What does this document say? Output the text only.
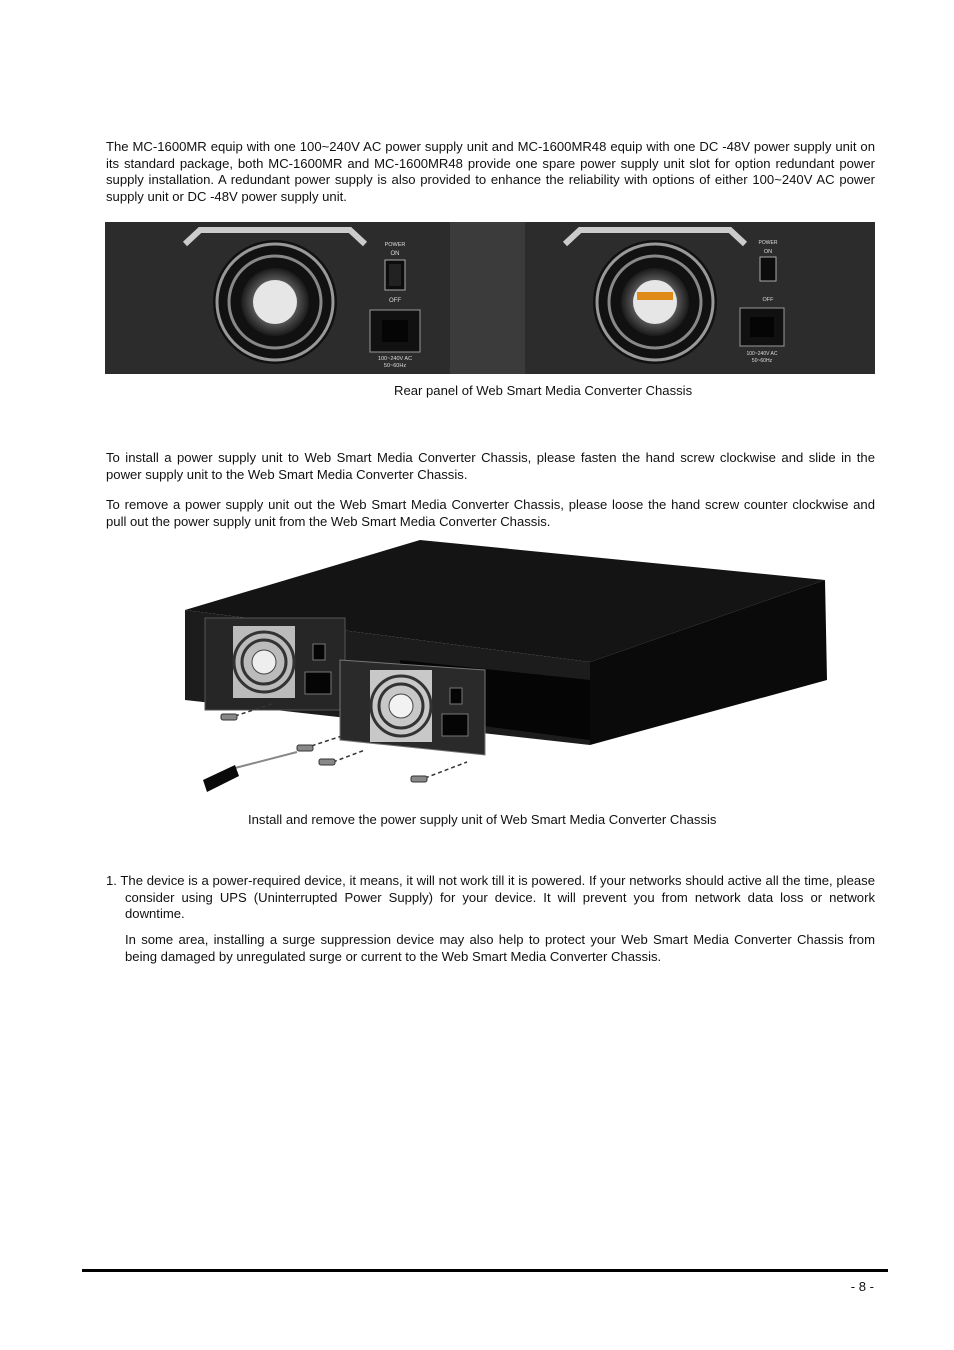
The MC-1600MR equip with one 100~240V AC power supply unit and MC-1600MR48 equip with one DC -48V power supply unit on its standard package, both MC-1600MR and MC-1600MR48 provide one spare power supply unit slot for option redundant power supply installation. A redundant power supply is also provided to enhance the reliability with options of either 100~240V AC power supply unit or DC -48V power supply unit.

POWER
ON
OFF
100~240V AC
50~60Hz
POWER
ON
OFF
100~240V AC
50~60Hz

Rear panel of Web Smart Media Converter Chassis

To install a power supply unit to Web Smart Media Converter Chassis, please fasten the hand screw clockwise and slide in the power supply unit to the Web Smart Media Converter Chassis.

To remove a power supply unit out the Web Smart Media Converter Chassis, please loose the hand screw counter clockwise and pull out the power supply unit from the Web Smart Media Converter Chassis.

Install and remove the power supply unit of Web Smart Media Converter Chassis

1. The device is a power-required device, it means, it will not work till it is powered. If your networks should active all the time, please consider using UPS (Uninterrupted Power Supply) for your device. It will prevent you from network data loss or network downtime.

In some area, installing a surge suppression device may also help to protect your Web Smart Media Converter Chassis from being damaged by unregulated surge or current to the Web Smart Media Converter Chassis.

- 8 -
